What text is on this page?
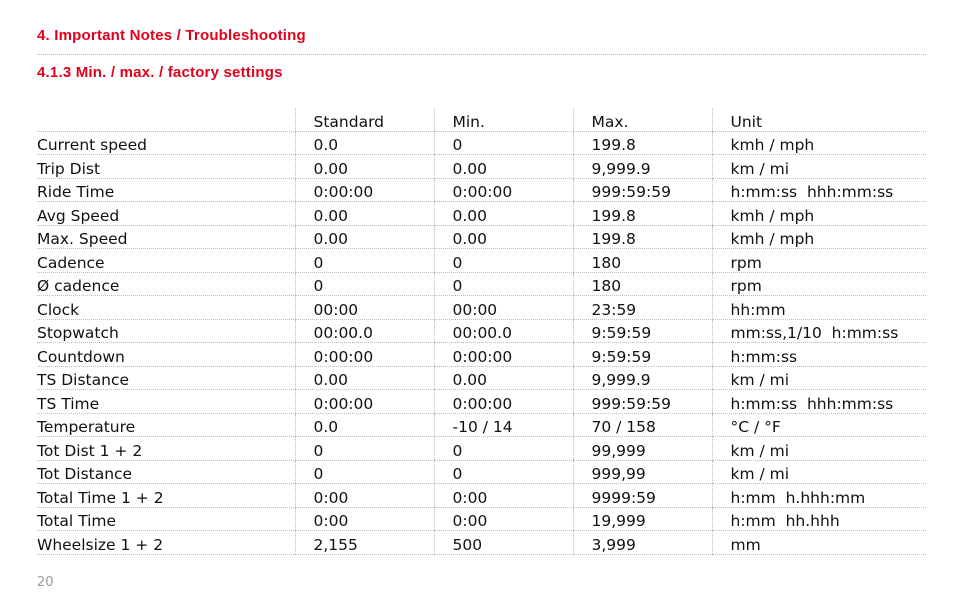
4. Important Notes / Troubleshooting
4.1.3 Min. / max. / factory settings
	Standard	Min.	Max.	Unit
Current speed	0.0	0	199.8	kmh / mph
Trip Dist	0.00	0.00	9,999.9	km / mi
Ride Time	0:00:00	0:00:00	999:59:59	h:mm:ss  hhh:mm:ss
Avg Speed	0.00	0.00	199.8	kmh / mph
Max. Speed	0.00	0.00	199.8	kmh / mph
Cadence	0	0	180	rpm
Ø cadence	0	0	180	rpm
Clock	00:00	00:00	23:59	hh:mm
Stopwatch	00:00.0	00:00.0	9:59:59	mm:ss,1/10  h:mm:ss
Countdown	0:00:00	0:00:00	9:59:59	h:mm:ss
TS Distance	0.00	0.00	9,999.9	km / mi
TS Time	0:00:00	0:00:00	999:59:59	h:mm:ss  hhh:mm:ss
Temperature	0.0	-10 / 14	70 / 158	°C / °F
Tot Dist 1 + 2	0	0	99,999	km / mi
Tot Distance	0	0	999,99	km / mi
Total Time 1 + 2	0:00	0:00	9999:59	h:mm  h.hhh:mm
Total Time	0:00	0:00	19,999	h:mm  hh.hhh
Wheelsize 1 + 2	2,155	500	3,999	mm
20
